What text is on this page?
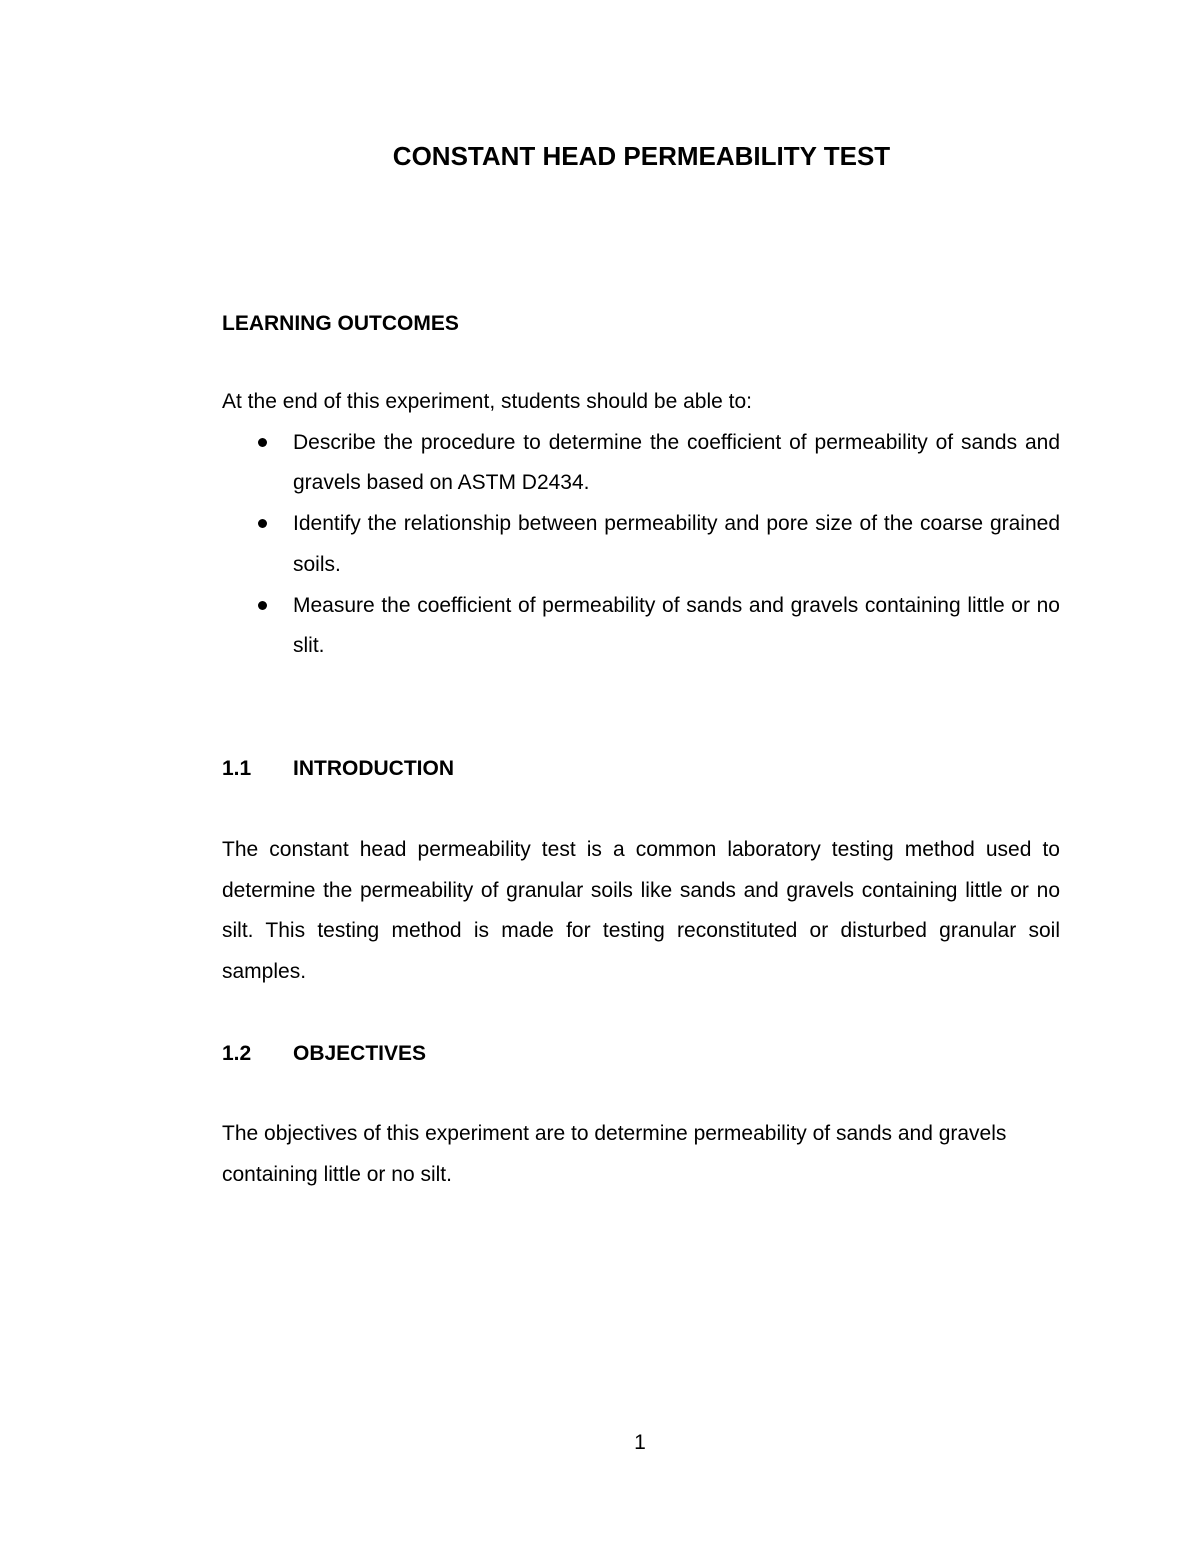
CONSTANT HEAD PERMEABILITY TEST
LEARNING OUTCOMES

At the end of this experiment, students should be able to:

Describe the procedure to determine the coefficient of permeability of sands and gravels based on ASTM D2434.
Identify the relationship between permeability and pore size of the coarse grained soils.
Measure the coefficient of permeability of sands and gravels containing little or no slit.
1.1 INTRODUCTION

The constant head permeability test is a common laboratory testing method used to determine the permeability of granular soils like sands and gravels containing little or no silt. This testing method is made for testing reconstituted or disturbed granular soil samples.

1.2 OBJECTIVES

The objectives of this experiment are to determine permeability of sands and gravels containing little or no silt.

1
